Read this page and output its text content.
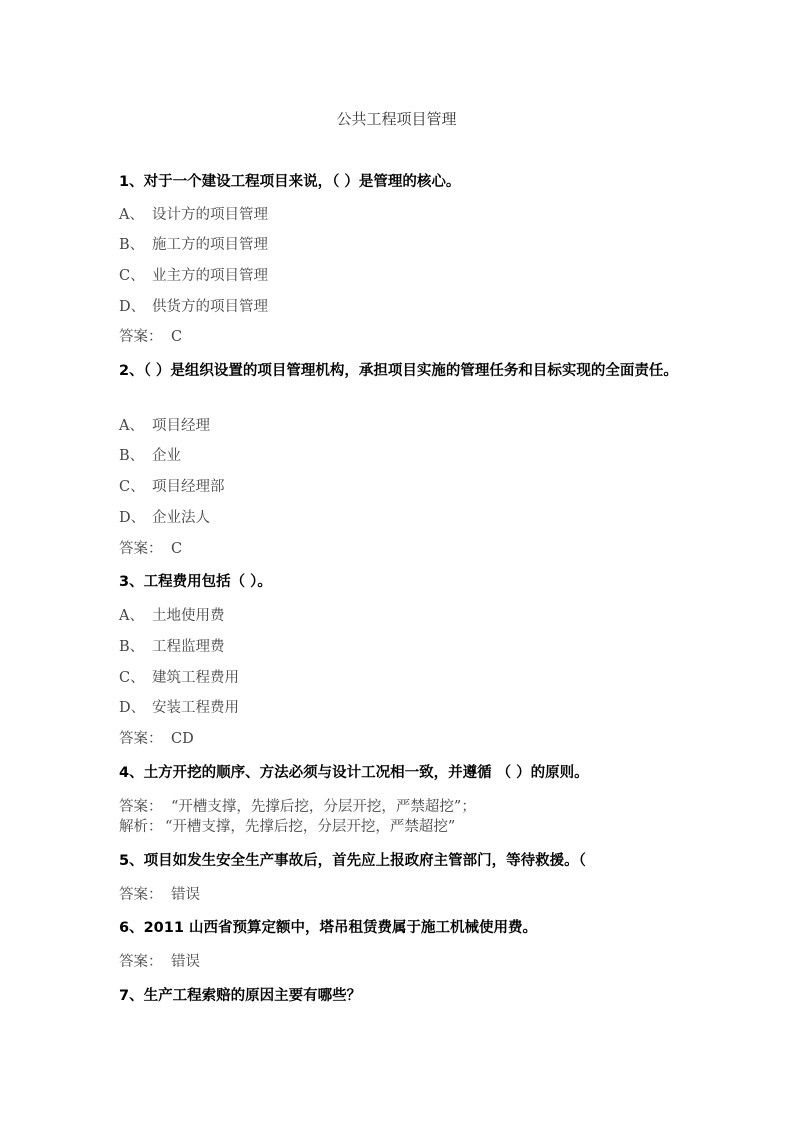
公共工程项目管理
1、对于一个建设工程项目来说，（ ）是管理的核心。
A、 设计方的项目管理
B、 施工方的项目管理
C、 业主方的项目管理
D、 供货方的项目管理
答案： C
2、（ ）是组织设置的项目管理机构，承担项目实施的管理任务和目标实现的全面责任。
A、 项目经理
B、 企业
C、 项目经理部
D、 企业法人
答案： C
3、工程费用包括（ ）。
A、 土地使用费
B、 工程监理费
C、 建筑工程费用
D、 安装工程费用
答案： CD
4、土方开挖的顺序、方法必须与设计工况相一致，并遵循 （ ）的原则。
答案： “开槽支撑，先撑后挖，分层开挖，严禁超挖”；
解析： “开槽支撑，先撑后挖，分层开挖，严禁超挖”
5、项目如发生安全生产事故后，首先应上报政府主管部门，等待救援。（
答案： 错误
6、2011 山西省预算定额中，塔吊租赁费属于施工机械使用费。
答案： 错误
7、生产工程索赔的原因主要有哪些？
